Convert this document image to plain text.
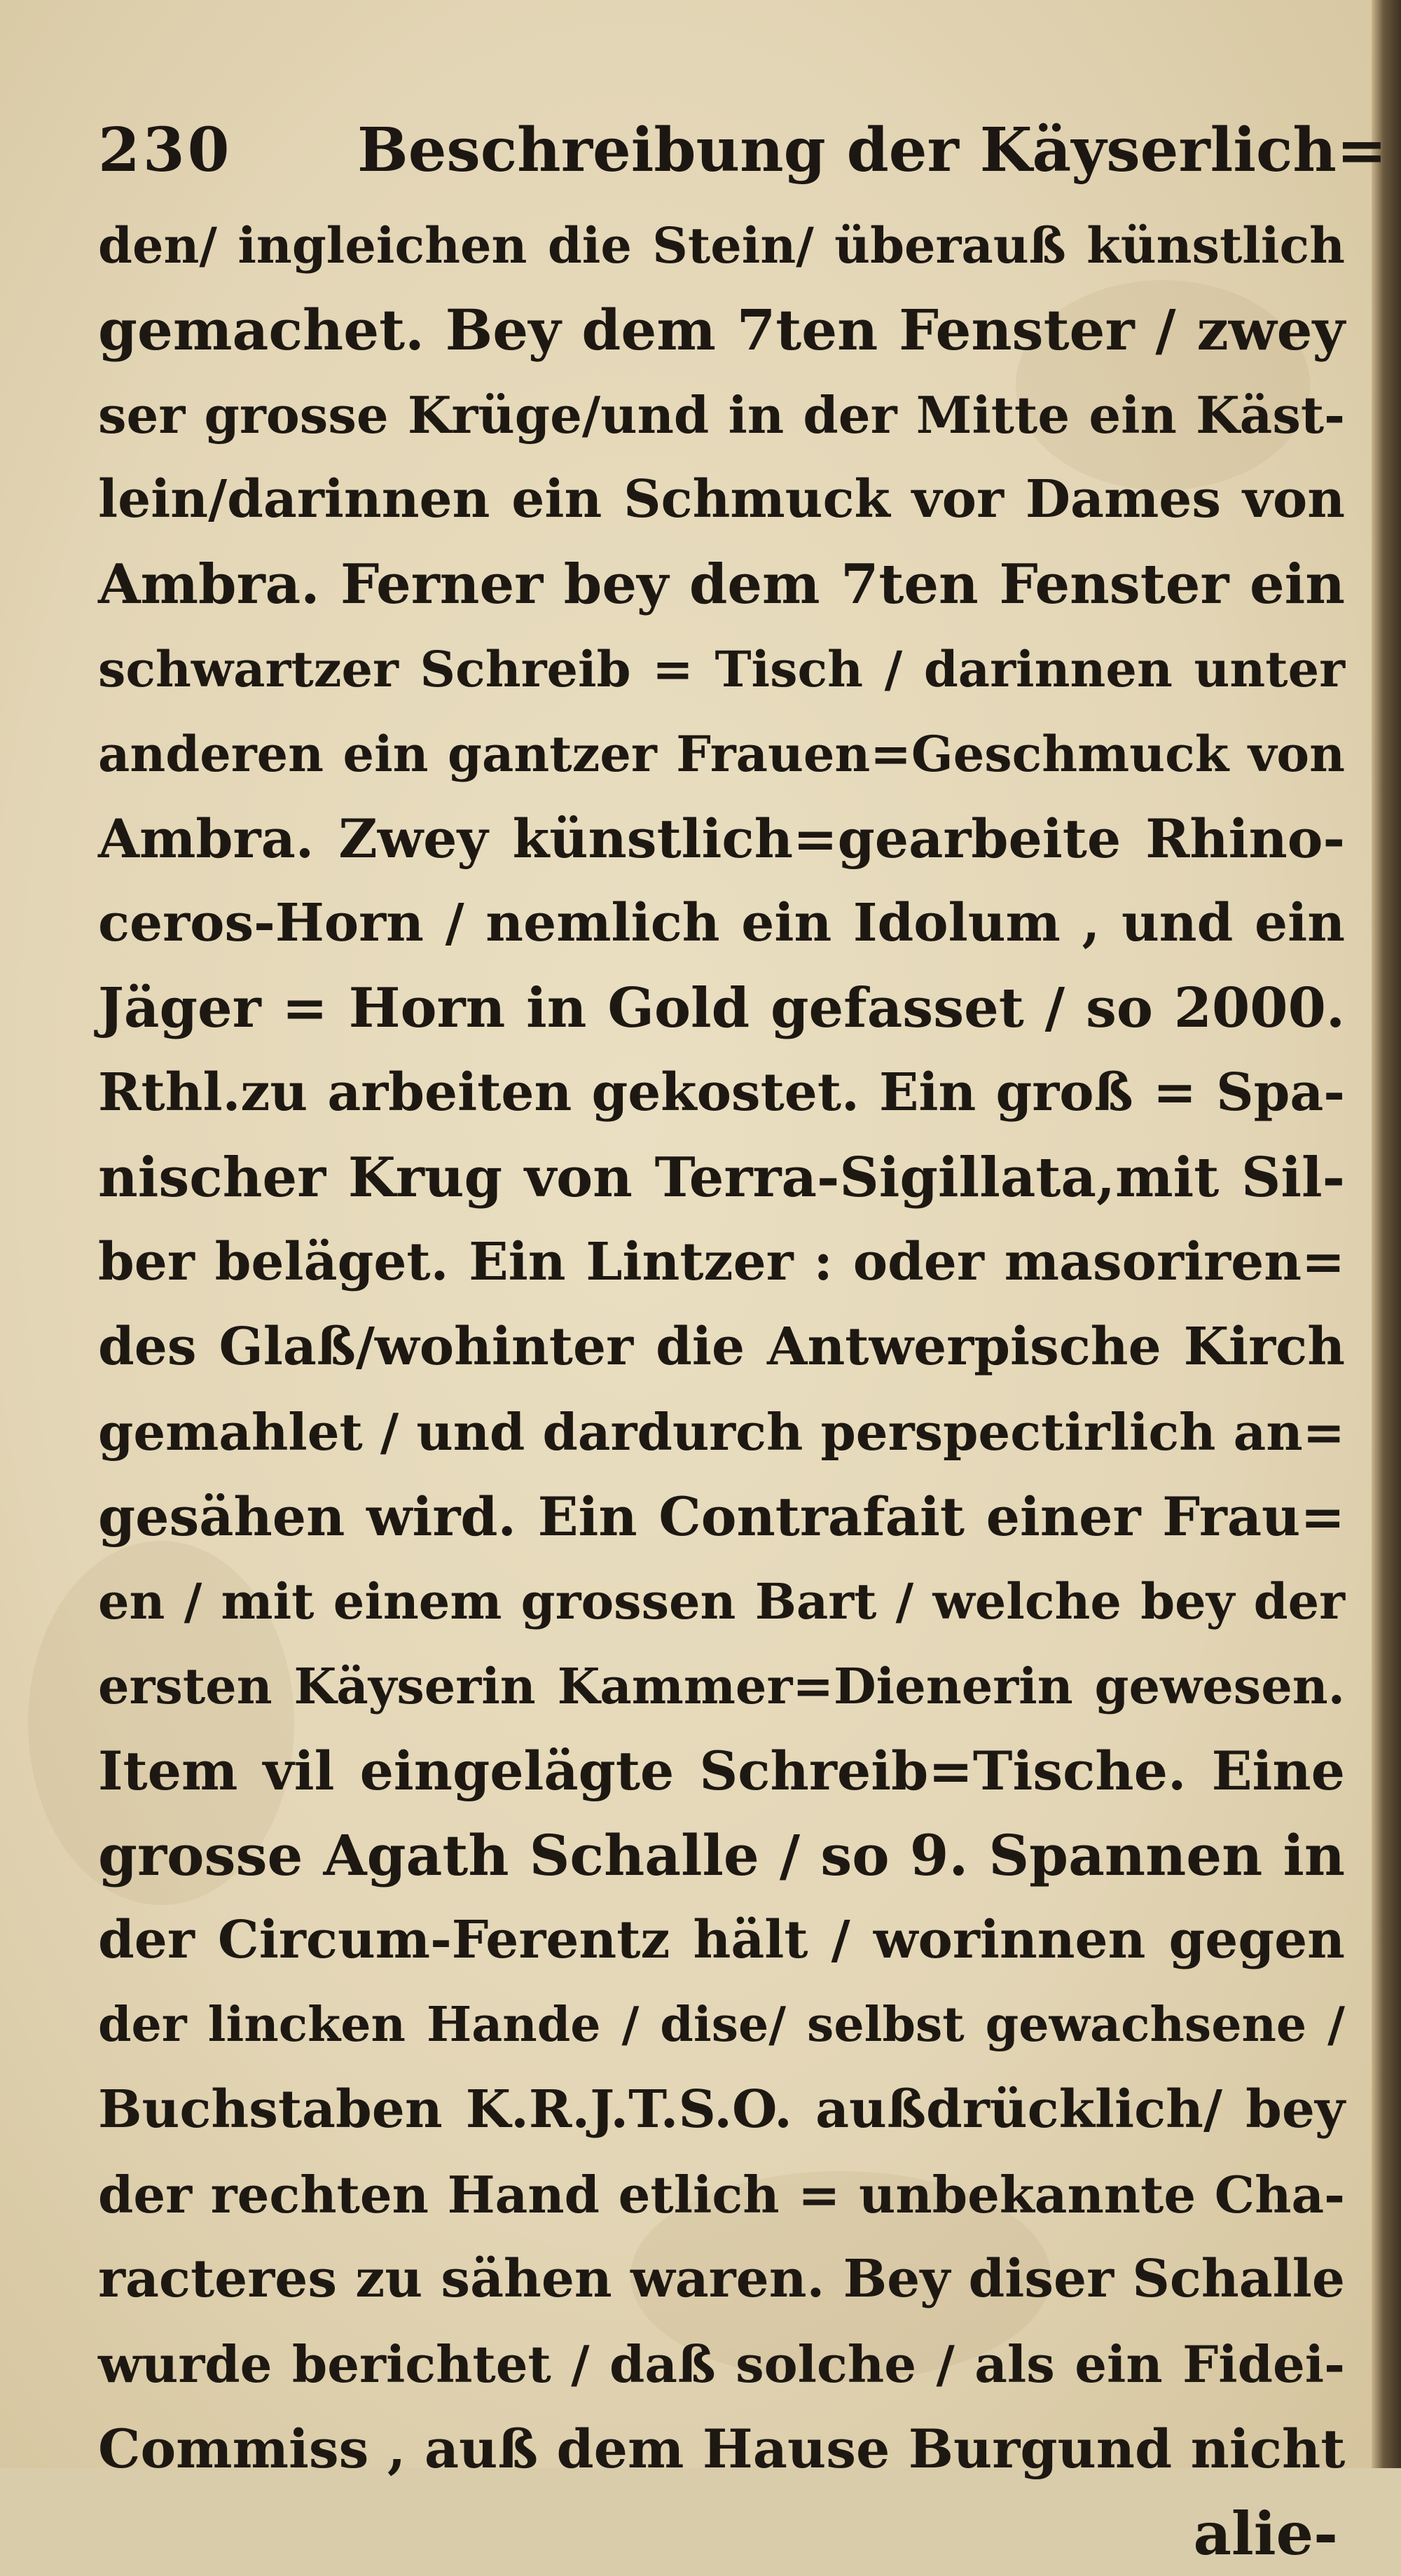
230 Beschreibung der Käyserlich=
den/ ingleichen die Stein/ überauß künstlich
gemachet. Bey dem 7ten Fenster / zwey
ser grosse Krüge/und in der Mitte ein Käst-
lein/darinnen ein Schmuck vor Dames von
Ambra. Ferner bey dem 7ten Fenster ein
schwartzer Schreib = Tisch / darinnen unter
anderen ein gantzer Frauen=Geschmuck von
Ambra. Zwey künstlich=gearbeite Rhino-
ceros-Horn / nemlich ein Idolum , und ein
Jäger = Horn in Gold gefasset / so 2000.
Rthl.zu arbeiten gekostet. Ein groß = Spa-
nischer Krug von Terra-Sigillata,mit Sil-
ber beläget. Ein Lintzer : oder masoriren=
des Glaß/wohinter die Antwerpische Kirch
gemahlet / und dardurch perspectirlich an=
gesähen wird. Ein Contrafait einer Frau=
en / mit einem grossen Bart / welche bey der
ersten Käyserin Kammer=Dienerin gewesen.
Item vil eingelägte Schreib=Tische. Eine
grosse Agath Schalle / so 9. Spannen in
der Circum-Ferentz hält / worinnen gegen
der lincken Hande / dise/ selbst gewachsene /
Buchstaben K.R.J.T.S.O. außdrücklich/ bey
der rechten Hand etlich = unbekannte Cha-
racteres zu sähen waren. Bey diser Schalle
wurde berichtet / daß solche / als ein Fidei-
Commiss , auß dem Hause Burgund nicht
alie-
